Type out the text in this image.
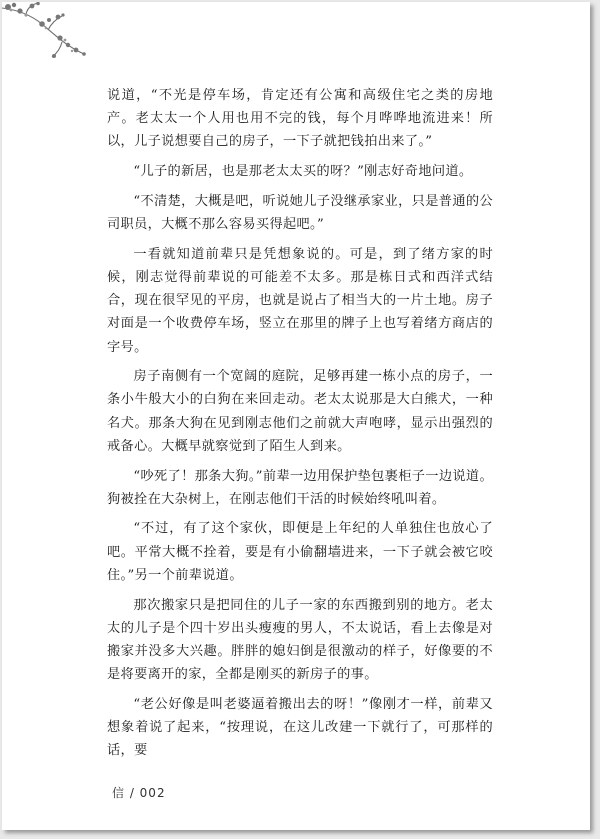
说道，“不光是停车场，肯定还有公寓和高级住宅之类的房地产。老太太一个人用也用不完的钱，每个月哗哗地流进来！所以，儿子说想要自己的房子，一下子就把钱拍出来了。”

“儿子的新居，也是那老太太买的呀？”刚志好奇地问道。

“不清楚，大概是吧，听说她儿子没继承家业，只是普通的公司职员，大概不那么容易买得起吧。”

一看就知道前辈只是凭想象说的。可是，到了绪方家的时候，刚志觉得前辈说的可能差不太多。那是栋日式和西洋式结合，现在很罕见的平房，也就是说占了相当大的一片土地。房子对面是一个收费停车场，竖立在那里的牌子上也写着绪方商店的字号。

房子南侧有一个宽阔的庭院，足够再建一栋小点的房子，一条小牛般大小的白狗在来回走动。老太太说那是大白熊犬，一种名犬。那条大狗在见到刚志他们之前就大声咆哮，显示出强烈的戒备心。大概早就察觉到了陌生人到来。

“吵死了！那条大狗。”前辈一边用保护垫包裹柜子一边说道。狗被拴在大杂树上，在刚志他们干活的时候始终吼叫着。

“不过，有了这个家伙，即便是上年纪的人单独住也放心了吧。平常大概不拴着，要是有小偷翻墙进来，一下子就会被它咬住。”另一个前辈说道。

那次搬家只是把同住的儿子一家的东西搬到别的地方。老太太的儿子是个四十岁出头瘦瘦的男人，不太说话，看上去像是对搬家并没多大兴趣。胖胖的媳妇倒是很激动的样子，好像要的不是将要离开的家，全都是刚买的新房子的事。

“老公好像是叫老婆逼着搬出去的呀！”像刚才一样，前辈又想象着说了起来，“按理说，在这儿改建一下就行了，可那样的话，要

信 / 002
